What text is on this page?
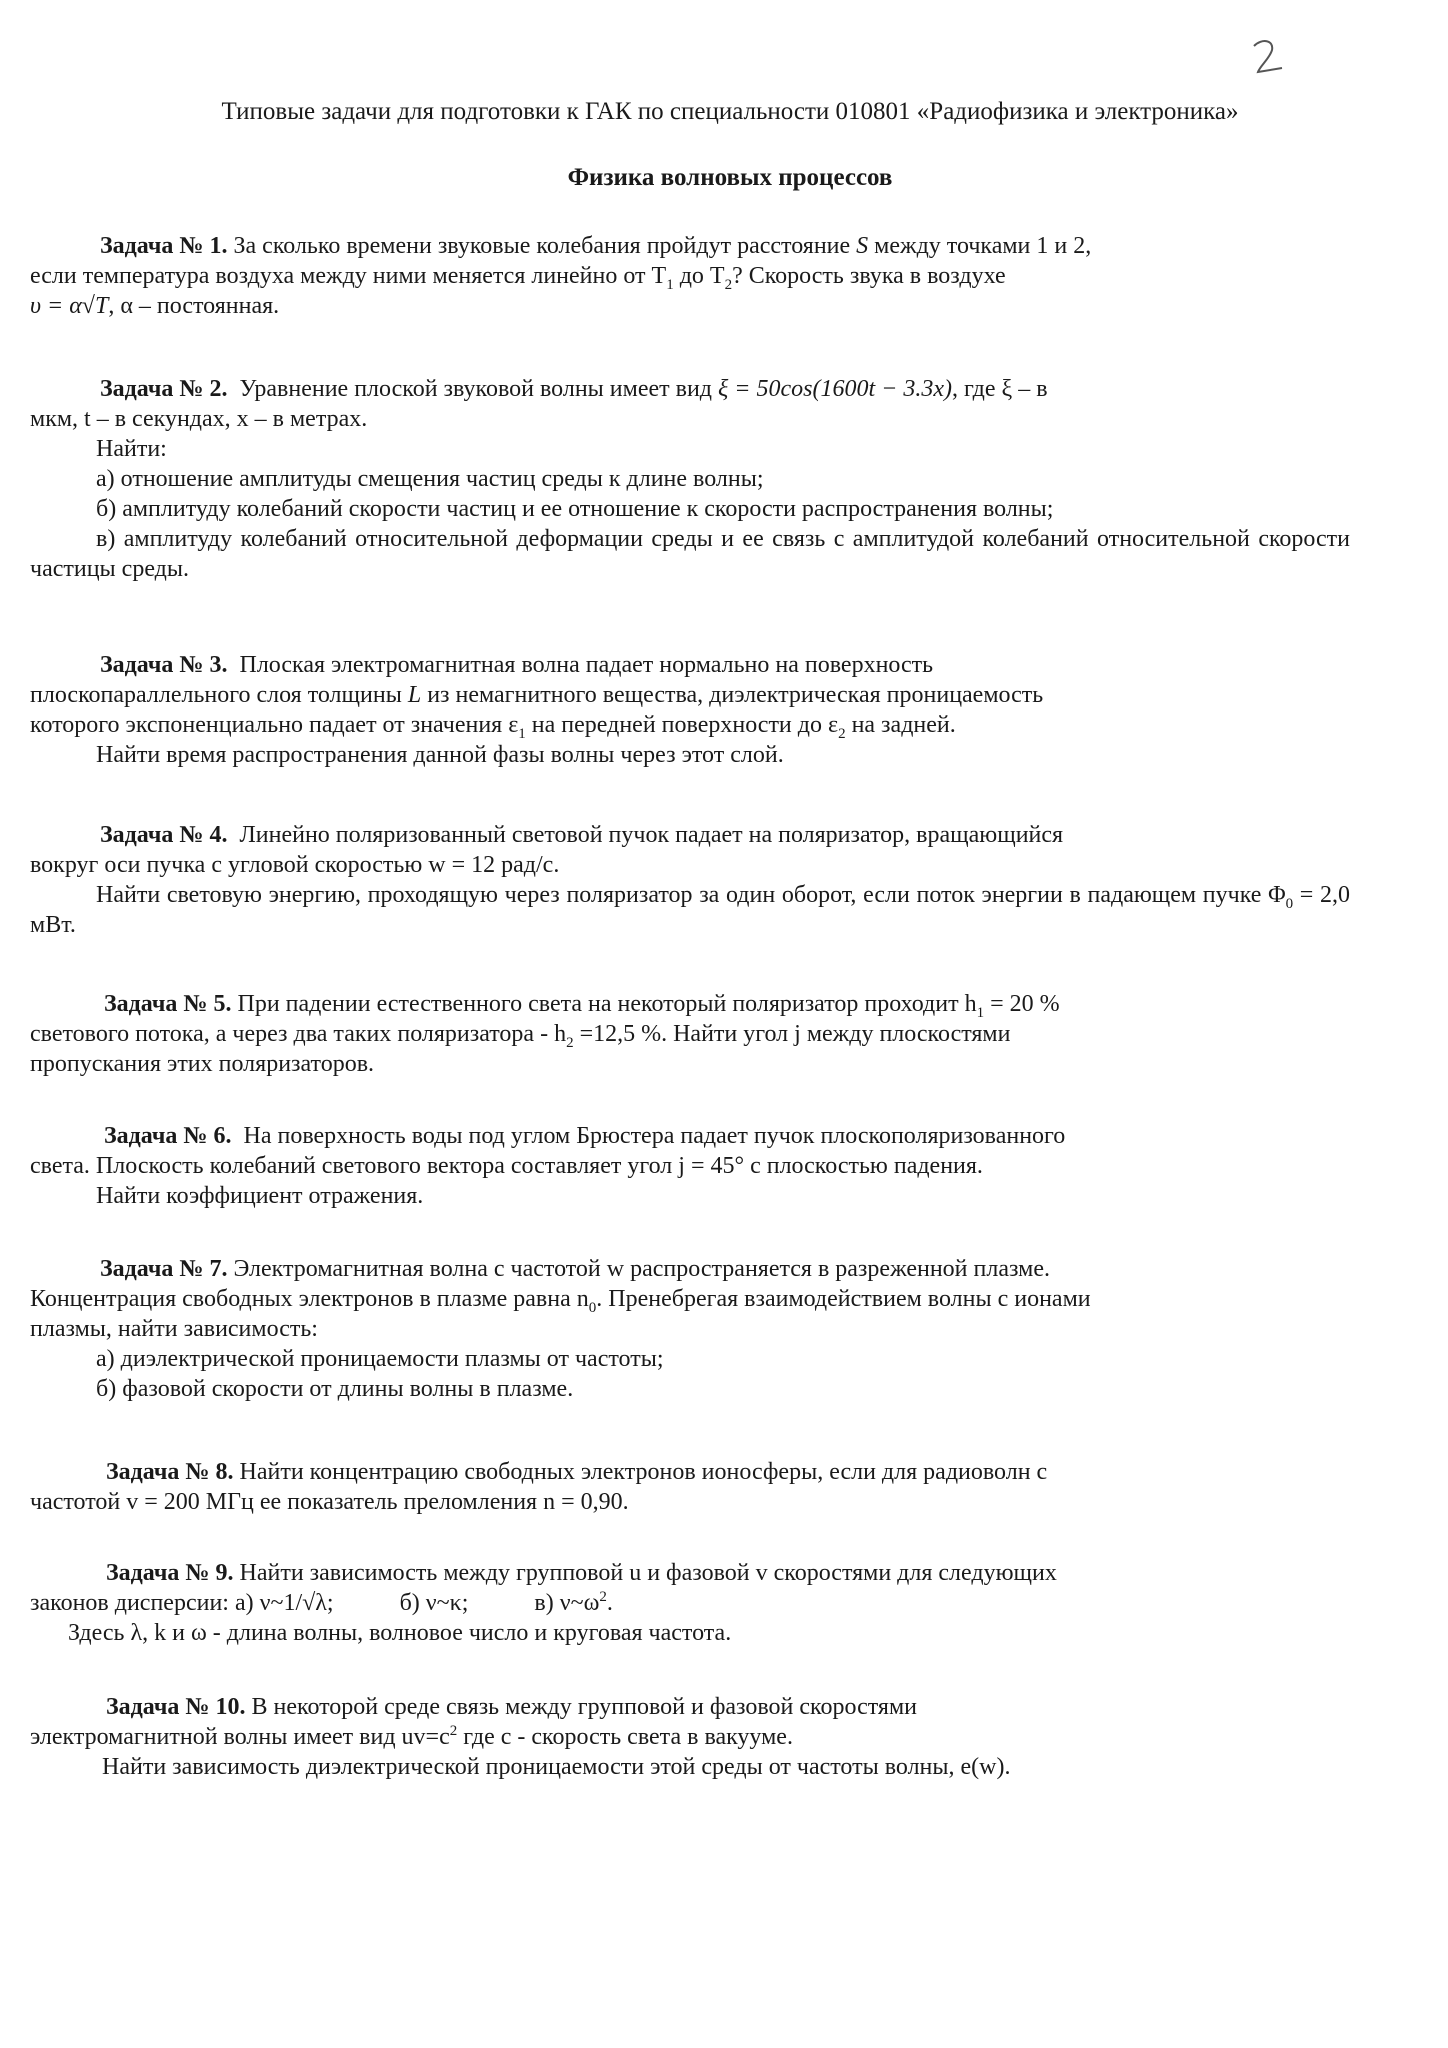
Типовые задачи для подготовки к ГАК по специальности 010801 «Радиофизика и электроника»
Физика волновых процессов

Задача № 1. За сколько времени звуковые колебания пройдут расстояние S между точками 1 и 2,
если температура воздуха между ними меняется линейно от $T_1$ до $T_2$? Скорость звука в воздухе
υ = α√T, α – постоянная.

Задача № 2. Уравнение плоской звуковой волны имеет вид ξ = 50cos(1600t − 3.3x), где ξ – в
мкм, t – в секундах, x – в метрах.

Найти:

а) отношение амплитуды смещения частиц среды к длине волны;

б) амплитуду колебаний скорости частиц и ее отношение к скорости распространения волны;

в) амплитуду колебаний относительной деформации среды и ее связь с амплитудой колебаний относительной скорости частицы среды.

Задача № 3. Плоская электромагнитная волна падает нормально на поверхность
плоскопараллельного слоя толщины L из немагнитного вещества, диэлектрическая проницаемость
которого экспоненциально падает от значения $\varepsilon_1$ на передней поверхности до $\varepsilon_2$ на задней.

Найти время распространения данной фазы волны через этот слой.

Задача № 4. Линейно поляризованный световой пучок падает на поляризатор, вращающийся
вокруг оси пучка с угловой скоростью w = 12 рад/с.

Найти световую энергию, проходящую через поляризатор за один оборот, если поток энергии в падающем пучке $\Phi_0 = 2,0$ мВт.

Задача № 5. При падении естественного света на некоторый поляризатор проходит $h_1 = 20$ %
светового потока, а через два таких поляризатора - $h_2 =12,5$ %. Найти угол j между плоскостями
пропускания этих поляризаторов.

Задача № 6. На поверхность воды под углом Брюстера падает пучок плоскополяризованного
света. Плоскость колебаний светового вектора составляет угол j = 45° с плоскостью падения.

Найти коэффициент отражения.

Задача № 7. Электромагнитная волна с частотой w распространяется в разреженной плазме.
Концентрация свободных электронов в плазме равна $n_0$. Пренебрегая взаимодействием волны с ионами
плазмы, найти зависимость:

а) диэлектрической проницаемости плазмы от частоты;

б) фазовой скорости от длины волны в плазме.

Задача № 8. Найти концентрацию свободных электронов ионосферы, если для радиоволн с
частотой v = 200 МГц ее показатель преломления n = 0,90.

Задача № 9. Найти зависимость между групповой u и фазовой v скоростями для следующих
законов дисперсии: а) ν~1/√λ;	б) ν~κ;	в) $\nu\sim\omega^2$.

Здесь λ, k и ω - длина волны, волновое число и круговая частота.

Задача № 10. В некоторой среде связь между групповой и фазовой скоростями
электромагнитной волны имеет вид $uv=c^2$ где c - скорость света в вакууме.

Найти зависимость диэлектрической проницаемости этой среды от частоты волны, e(w).
